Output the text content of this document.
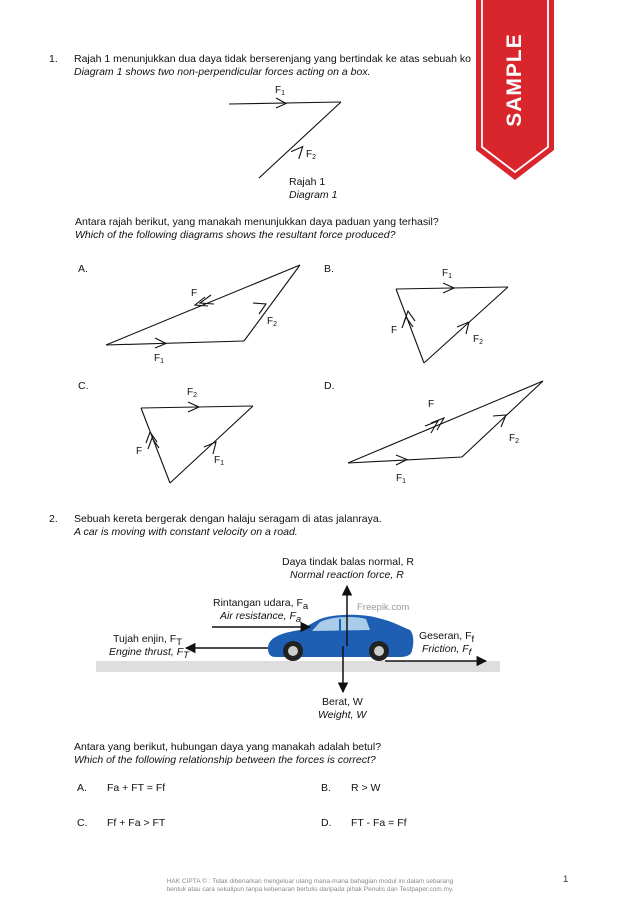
1. Rajah 1 menunjukkan dua daya tidak berserenjang yang bertindak ke atas sebuah ko
Diagram 1 shows two non-perpendicular forces acting on a box.
$F_1$
$F_2$
F
$F_2$
$F_1$
$F_1$
F
$F_2$
$F_2$
F
$F_1$
F
$F_2$
$F_1$
Rajah 1
Diagram 1
Antara rajah berikut, yang manakah menunjukkan daya paduan yang terhasil?
Which of the following diagrams shows the resultant force produced?
A.	B.
C.	D.
SAMPLE
2. Sebuah kereta bergerak dengan halaju seragam di atas jalanraya.
A car is moving with constant velocity on a road.
Daya tindak balas normal, R
Normal reaction force, R
Rintangan udara, $F_a$
Air resistance, $F_a$
Freepik.com
Tujah enjin, $F_T$
Engine thrust, $F_T$
Geseran, $F_f$
Friction, $F_f$
Berat, W
Weight, W
Antara yang berikut, hubungan daya yang manakah adalah betul?
Which of the following relationship between the forces is correct?
A. Fa + FT = Ff	B. R > W
C. Ff + Fa > FT	D. FT - Fa = Ff
HAK CIPTA © : Tidak dibenarkan mengeluar ulang mana-mana bahagian modul ini dalam sebarang
bentuk atau cara sekalipun tanpa kebenaran bertulis daripada pihak Penulis dan Testpaper.com.my.
1
